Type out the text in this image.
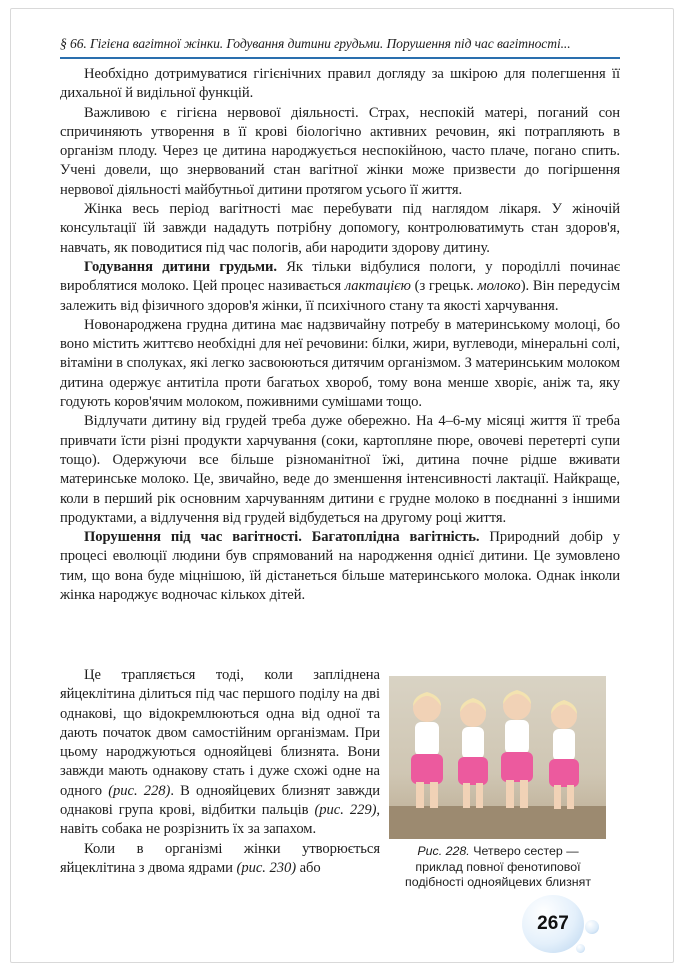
§ 66. Гігієна вагітної жінки. Годування дитини грудьми. Порушення під час вагітності...

Необхідно дотримуватися гігієнічних правил догляду за шкірою для полегшення її дихальної й видільної функцій.

Важливою є гігієна нервової діяльності. Страх, неспокій матері, поганий сон спричиняють утворення в її крові біологічно активних речовин, які потрапляють в організм плоду. Через це дитина народжується неспокійною, часто плаче, погано спить. Учені довели, що знервований стан вагітної жінки може призвести до погіршення нервової діяльності майбутньої дитини протягом усього її життя.

Жінка весь період вагітності має перебувати під наглядом лікаря. У жіночій консультації їй завжди нададуть потрібну допомогу, контролюватимуть стан здоров'я, навчать, як поводитися під час пологів, аби народити здорову дитину.

Годування дитини грудьми. Як тільки відбулися пологи, у породіллі починає вироблятися молоко. Цей процес називається лактацією (з грецьк. молоко). Він передусім залежить від фізичного здоров'я жінки, її психічного стану та якості харчування.

Новонароджена грудна дитина має надзвичайну потребу в материнському молоці, бо воно містить життєво необхідні для неї речовини: білки, жири, вуглеводи, мінеральні солі, вітаміни в сполуках, які легко засвоюються дитячим організмом. З материнським молоком дитина одержує антитіла проти багатьох хвороб, тому вона менше хворіє, аніж та, яку годують коров'ячим молоком, поживними сумішами тощо.

Відлучати дитину від грудей треба дуже обережно. На 4–6-му місяці життя її треба привчати їсти різні продукти харчування (соки, картопляне пюре, овочеві перетерті супи тощо). Одержуючи все більше різноманітної їжі, дитина почне рідше вживати материнське молоко. Це, звичайно, веде до зменшення інтенсивності лактації. Найкраще, коли в перший рік основним харчуванням дитини є грудне молоко в поєднанні з іншими продуктами, а відлучення від грудей відбудеться на другому році життя.

Порушення під час вагітності. Багатоплідна вагітність. Природний добір у процесі еволюції людини був спрямований на народження однієї дитини. Це зумовлено тим, що вона буде міцнішою, їй дістанеться більше материнського молока. Однак інколи жінка народжує водночас кількох дітей.

Це трапляється тоді, коли запліднена яйцеклітина ділиться під час першого поділу на дві однакові, що відокремлюються одна від одної та дають початок двом самостійним організмам. При цьому народжуються однояйцеві близнята. Вони завжди мають однакову стать і дуже схожі одне на одного (рис. 228). В однояйцевих близнят завжди однакові група крові, відбитки пальців (рис. 229), навіть собака не розрізнить їх за запахом.

Коли в організмі жінки утворюється яйцеклітина з двома ядрами (рис. 230) або

Рис. 228. Четверо сестер — приклад повної фенотипової подібності однояйцевих близнят
267
